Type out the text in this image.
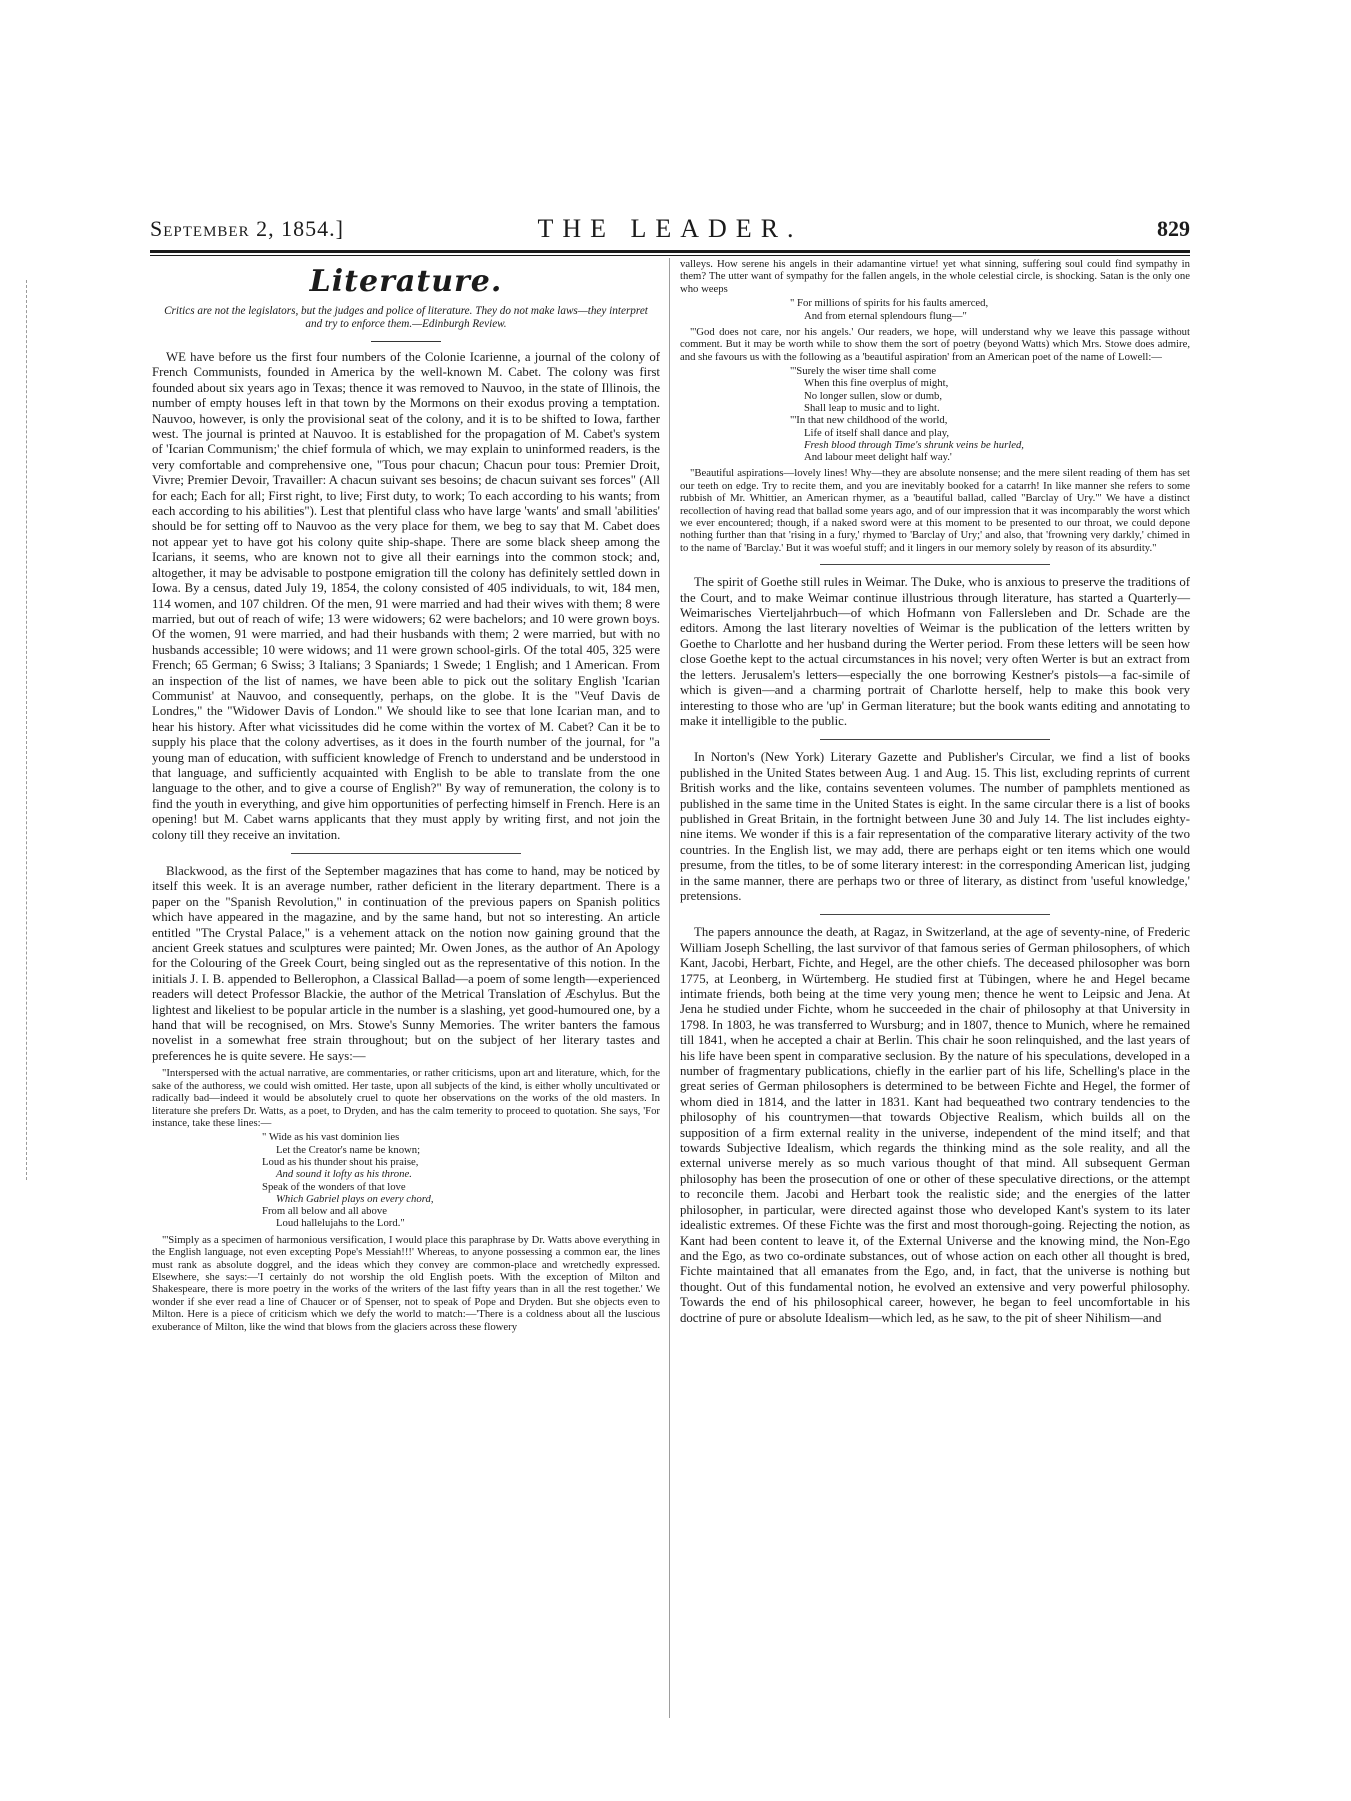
September 2, 1854.]	THE LEADER.	829
Literature.
Critics are not the legislators, but the judges and police of literature. They do not make laws—they interpret and try to enforce them.—Edinburgh Review.

WE have before us the first four numbers of the Colonie Icarienne, a journal of the colony of French Communists, founded in America by the well-known M. Cabet. The colony was first founded about six years ago in Texas; thence it was removed to Nauvoo, in the state of Illinois, the number of empty houses left in that town by the Mormons on their exodus proving a temptation. Nauvoo, however, is only the provisional seat of the colony, and it is to be shifted to Iowa, farther west. The journal is printed at Nauvoo. It is established for the propagation of M. Cabet's system of 'Icarian Communism;' the chief formula of which, we may explain to uninformed readers, is the very comfortable and comprehensive one, "Tous pour chacun; Chacun pour tous: Premier Droit, Vivre; Premier Devoir, Travailler: A chacun suivant ses besoins; de chacun suivant ses forces" (All for each; Each for all; First right, to live; First duty, to work; To each according to his wants; from each according to his abilities"). Lest that plentiful class who have large 'wants' and small 'abilities' should be for setting off to Nauvoo as the very place for them, we beg to say that M. Cabet does not appear yet to have got his colony quite ship-shape. There are some black sheep among the Icarians, it seems, who are known not to give all their earnings into the common stock; and, altogether, it may be advisable to postpone emigration till the colony has definitely settled down in Iowa. By a census, dated July 19, 1854, the colony consisted of 405 individuals, to wit, 184 men, 114 women, and 107 children. Of the men, 91 were married and had their wives with them; 8 were married, but out of reach of wife; 13 were widowers; 62 were bachelors; and 10 were grown boys. Of the women, 91 were married, and had their husbands with them; 2 were married, but with no husbands accessible; 10 were widows; and 11 were grown school-girls. Of the total 405, 325 were French; 65 German; 6 Swiss; 3 Italians; 3 Spaniards; 1 Swede; 1 English; and 1 American. From an inspection of the list of names, we have been able to pick out the solitary English 'Icarian Communist' at Nauvoo, and consequently, perhaps, on the globe. It is the "Veuf Davis de Londres," the "Widower Davis of London." We should like to see that lone Icarian man, and to hear his history. After what vicissitudes did he come within the vortex of M. Cabet? Can it be to supply his place that the colony advertises, as it does in the fourth number of the journal, for "a young man of education, with sufficient knowledge of French to understand and be understood in that language, and sufficiently acquainted with English to be able to translate from the one language to the other, and to give a course of English?" By way of remuneration, the colony is to find the youth in everything, and give him opportunities of perfecting himself in French. Here is an opening! but M. Cabet warns applicants that they must apply by writing first, and not join the colony till they receive an invitation.

Blackwood, as the first of the September magazines that has come to hand, may be noticed by itself this week. It is an average number, rather deficient in the literary department. There is a paper on the "Spanish Revolution," in continuation of the previous papers on Spanish politics which have appeared in the magazine, and by the same hand, but not so interesting. An article entitled "The Crystal Palace," is a vehement attack on the notion now gaining ground that the ancient Greek statues and sculptures were painted; Mr. Owen Jones, as the author of An Apology for the Colouring of the Greek Court, being singled out as the representative of this notion. In the initials J. I. B. appended to Bellerophon, a Classical Ballad—a poem of some length—experienced readers will detect Professor Blackie, the author of the Metrical Translation of Æschylus. But the lightest and likeliest to be popular article in the number is a slashing, yet good-humoured one, by a hand that will be recognised, on Mrs. Stowe's Sunny Memories. The writer banters the famous novelist in a somewhat free strain throughout; but on the subject of her literary tastes and preferences he is quite severe. He says:—

"Interspersed with the actual narrative, are commentaries, or rather criticisms, upon art and literature, which, for the sake of the authoress, we could wish omitted. Her taste, upon all subjects of the kind, is either wholly uncultivated or radically bad—indeed it would be absolutely cruel to quote her observations on the works of the old masters. In literature she prefers Dr. Watts, as a poet, to Dryden, and has the calm temerity to proceed to quotation. She says, 'For instance, take these lines:—

" Wide as his vast dominion lies
Let the Creator's name be known;
Loud as his thunder shout his praise,
And sound it lofty as his throne.
Speak of the wonders of that love
Which Gabriel plays on every chord,
From all below and all above
Loud hallelujahs to the Lord."

"'Simply as a specimen of harmonious versification, I would place this paraphrase by Dr. Watts above everything in the English language, not even excepting Pope's Messiah!!!' Whereas, to anyone possessing a common ear, the lines must rank as absolute doggrel, and the ideas which they convey are common-place and wretchedly expressed. Elsewhere, she says:—'I certainly do not worship the old English poets. With the exception of Milton and Shakespeare, there is more poetry in the works of the writers of the last fifty years than in all the rest together.' We wonder if she ever read a line of Chaucer or of Spenser, not to speak of Pope and Dryden. But she objects even to Milton. Here is a piece of criticism which we defy the world to match:—'There is a coldness about all the luscious exuberance of Milton, like the wind that blows from the glaciers across these flowery

valleys. How serene his angels in their adamantine virtue! yet what sinning, suffering soul could find sympathy in them? The utter want of sympathy for the fallen angels, in the whole celestial circle, is shocking. Satan is the only one who weeps

" For millions of spirits for his faults amerced,
And from eternal splendours flung—"

"'God does not care, nor his angels.' Our readers, we hope, will understand why we leave this passage without comment. But it may be worth while to show them the sort of poetry (beyond Watts) which Mrs. Stowe does admire, and she favours us with the following as a 'beautiful aspiration' from an American poet of the name of Lowell:—

"'Surely the wiser time shall come
When this fine overplus of might,
No longer sullen, slow or dumb,
Shall leap to music and to light.
"'In that new childhood of the world,
Life of itself shall dance and play,
Fresh blood through Time's shrunk veins be hurled,
And labour meet delight half way.'

"Beautiful aspirations—lovely lines! Why—they are absolute nonsense; and the mere silent reading of them has set our teeth on edge. Try to recite them, and you are inevitably booked for a catarrh! In like manner she refers to some rubbish of Mr. Whittier, an American rhymer, as a 'beautiful ballad, called "Barclay of Ury."' We have a distinct recollection of having read that ballad some years ago, and of our impression that it was incomparably the worst which we ever encountered; though, if a naked sword were at this moment to be presented to our throat, we could depone nothing further than that 'rising in a fury,' rhymed to 'Barclay of Ury;' and also, that 'frowning very darkly,' chimed in to the name of 'Barclay.' But it was woeful stuff; and it lingers in our memory solely by reason of its absurdity."

The spirit of Goethe still rules in Weimar. The Duke, who is anxious to preserve the traditions of the Court, and to make Weimar continue illustrious through literature, has started a Quarterly—Weimarisches Vierteljahrbuch—of which Hofmann von Fallersleben and Dr. Schade are the editors. Among the last literary novelties of Weimar is the publication of the letters written by Goethe to Charlotte and her husband during the Werter period. From these letters will be seen how close Goethe kept to the actual circumstances in his novel; very often Werter is but an extract from the letters. Jerusalem's letters—especially the one borrowing Kestner's pistols—a fac-simile of which is given—and a charming portrait of Charlotte herself, help to make this book very interesting to those who are 'up' in German literature; but the book wants editing and annotating to make it intelligible to the public.

In Norton's (New York) Literary Gazette and Publisher's Circular, we find a list of books published in the United States between Aug. 1 and Aug. 15. This list, excluding reprints of current British works and the like, contains seventeen volumes. The number of pamphlets mentioned as published in the same time in the United States is eight. In the same circular there is a list of books published in Great Britain, in the fortnight between June 30 and July 14. The list includes eighty-nine items. We wonder if this is a fair representation of the comparative literary activity of the two countries. In the English list, we may add, there are perhaps eight or ten items which one would presume, from the titles, to be of some literary interest: in the corresponding American list, judging in the same manner, there are perhaps two or three of literary, as distinct from 'useful knowledge,' pretensions.

The papers announce the death, at Ragaz, in Switzerland, at the age of seventy-nine, of Frederic William Joseph Schelling, the last survivor of that famous series of German philosophers, of which Kant, Jacobi, Herbart, Fichte, and Hegel, are the other chiefs. The deceased philosopher was born 1775, at Leonberg, in Würtemberg. He studied first at Tübingen, where he and Hegel became intimate friends, both being at the time very young men; thence he went to Leipsic and Jena. At Jena he studied under Fichte, whom he succeeded in the chair of philosophy at that University in 1798. In 1803, he was transferred to Wursburg; and in 1807, thence to Munich, where he remained till 1841, when he accepted a chair at Berlin. This chair he soon relinquished, and the last years of his life have been spent in comparative seclusion. By the nature of his speculations, developed in a number of fragmentary publications, chiefly in the earlier part of his life, Schelling's place in the great series of German philosophers is determined to be between Fichte and Hegel, the former of whom died in 1814, and the latter in 1831. Kant had bequeathed two contrary tendencies to the philosophy of his countrymen—that towards Objective Realism, which builds all on the supposition of a firm external reality in the universe, independent of the mind itself; and that towards Subjective Idealism, which regards the thinking mind as the sole reality, and all the external universe merely as so much various thought of that mind. All subsequent German philosophy has been the prosecution of one or other of these speculative directions, or the attempt to reconcile them. Jacobi and Herbart took the realistic side; and the energies of the latter philosopher, in particular, were directed against those who developed Kant's system to its later idealistic extremes. Of these Fichte was the first and most thorough-going. Rejecting the notion, as Kant had been content to leave it, of the External Universe and the knowing mind, the Non-Ego and the Ego, as two co-ordinate substances, out of whose action on each other all thought is bred, Fichte maintained that all emanates from the Ego, and, in fact, that the universe is nothing but thought. Out of this fundamental notion, he evolved an extensive and very powerful philosophy. Towards the end of his philosophical career, however, he began to feel uncomfortable in his doctrine of pure or absolute Idealism—which led, as he saw, to the pit of sheer Nihilism—and
